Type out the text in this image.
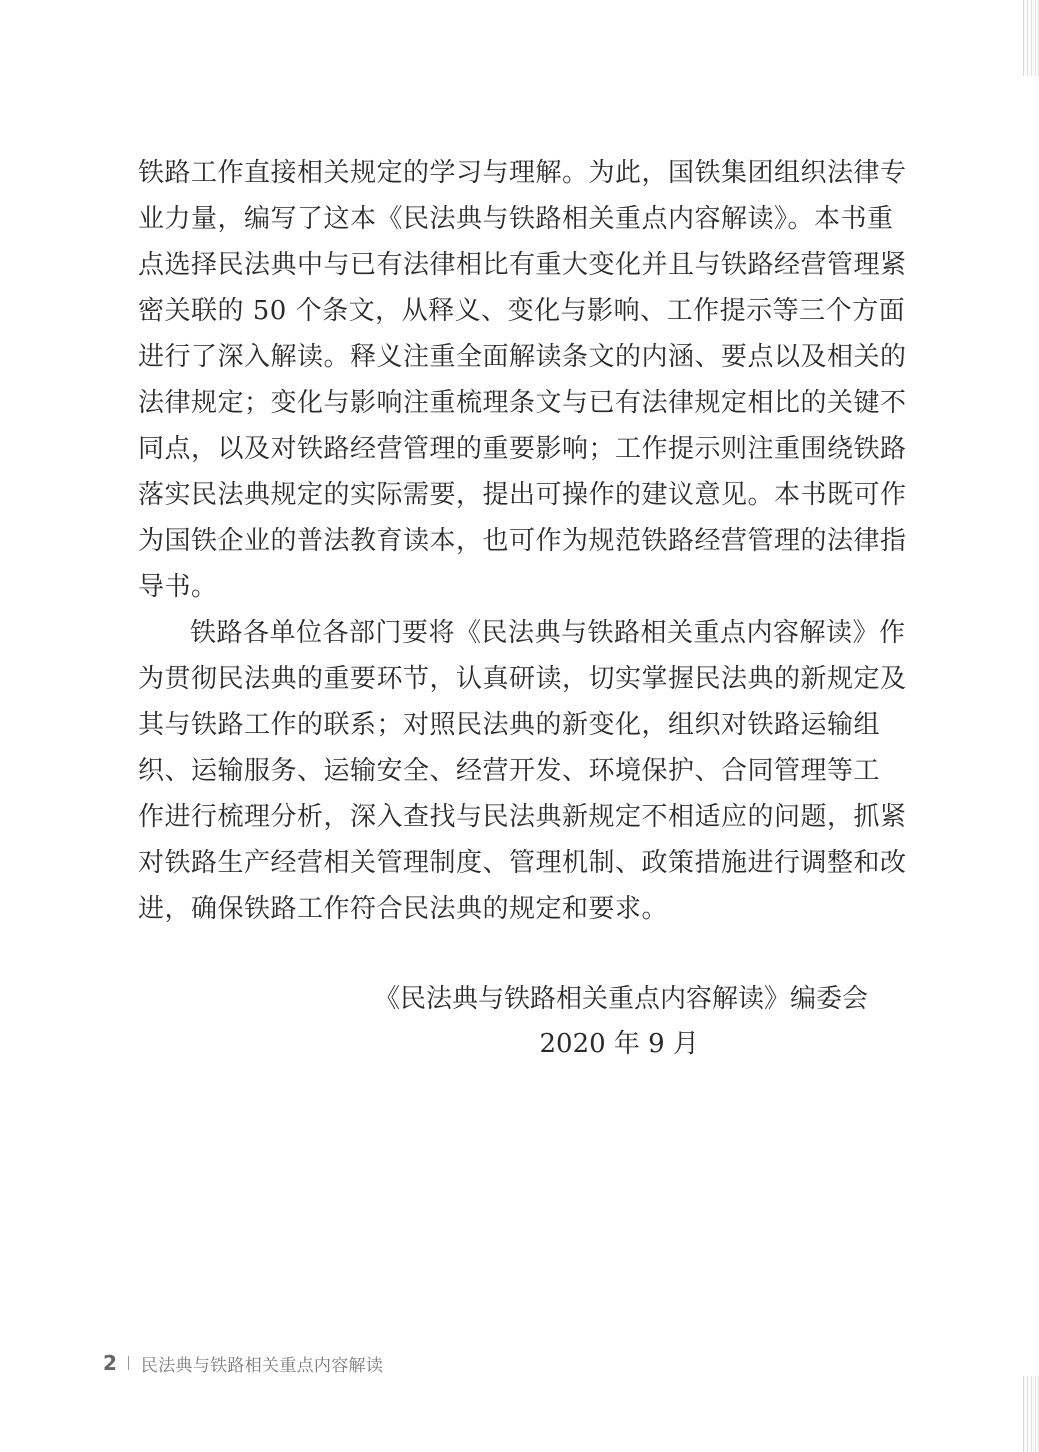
铁路工作直接相关规定的学习与理解。为此，国铁集团组织法律专
业力量，编写了这本《民法典与铁路相关重点内容解读》。本书重
点选择民法典中与已有法律相比有重大变化并且与铁路经营管理紧
密关联的 50 个条文，从释义、变化与影响、工作提示等三个方面
进行了深入解读。释义注重全面解读条文的内涵、要点以及相关的
法律规定；变化与影响注重梳理条文与已有法律规定相比的关键不
同点，以及对铁路经营管理的重要影响；工作提示则注重围绕铁路
落实民法典规定的实际需要，提出可操作的建议意见。本书既可作
为国铁企业的普法教育读本，也可作为规范铁路经营管理的法律指
导书。
铁路各单位各部门要将《民法典与铁路相关重点内容解读》作
为贯彻民法典的重要环节，认真研读，切实掌握民法典的新规定及
其与铁路工作的联系；对照民法典的新变化，组织对铁路运输组
织、运输服务、运输安全、经营开发、环境保护、合同管理等工
作进行梳理分析，深入查找与民法典新规定不相适应的问题，抓紧
对铁路生产经营相关管理制度、管理机制、政策措施进行调整和改
进，确保铁路工作符合民法典的规定和要求。
《民法典与铁路相关重点内容解读》编委会
2020 年 9 月
2 民法典与铁路相关重点内容解读
